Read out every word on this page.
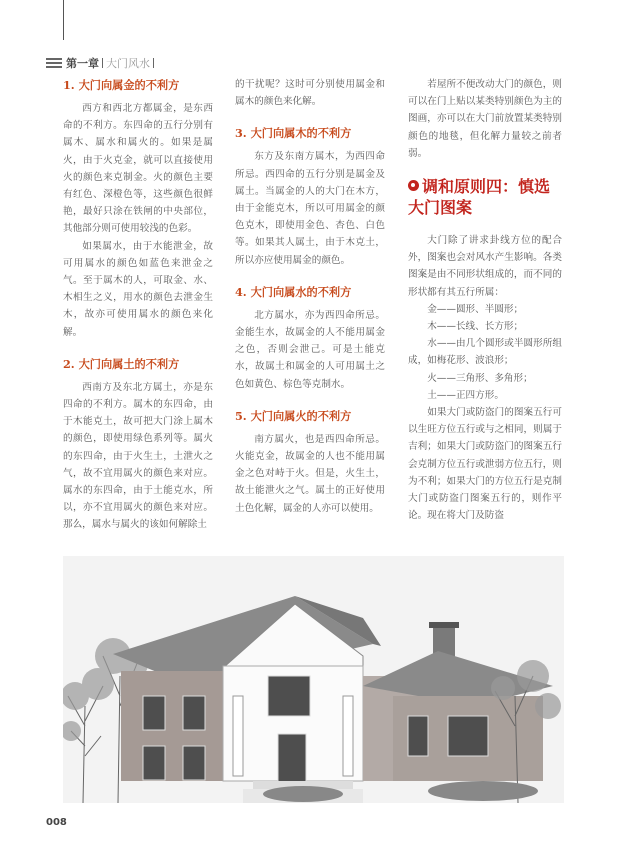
第一章 大门风水
1. 大门向属金的不利方

西方和西北方都属金，是东西命的不利方。东四命的五行分别有属木、属水和属火的。如果是属火，由于火克金，就可以直接使用火的颜色来克制金。火的颜色主要有红色、深橙色等，这些颜色很鲜艳，最好只涂在铁闸的中央部位，其他部分则可使用较浅的色彩。

如果属水，由于水能泄金，故可用属水的颜色如蓝色来泄金之气。至于属木的人，可取金、水、木相生之义，用水的颜色去泄金生木，故亦可使用属水的颜色来化解。

2. 大门向属土的不利方

西南方及东北方属土，亦是东四命的不利方。属木的东四命，由于木能克土，故可把大门涂上属木的颜色，即使用绿色系列等。属火的东四命，由于火生土，土泄火之气，故不宜用属火的颜色来对应。属水的东四命，由于土能克水，所以，亦不宜用属火的颜色来对应。那么，属水与属火的该如何解除土

的干扰呢？这时可分别使用属金和属木的颜色来化解。

3. 大门向属木的不利方

东方及东南方属木，为西四命所忌。西四命的五行分别是属金及属土。当属金的人的大门在木方，由于金能克木，所以可用属金的颜色克木，即使用金色、杏色、白色等。如果其人属土，由于木克土，所以亦应使用属金的颜色。

4. 大门向属水的不利方

北方属水，亦为西四命所忌。金能生水，故属金的人不能用属金之色，否则会泄己。可是土能克水，故属土和属金的人可用属土之色如黄色、棕色等克制水。

5. 大门向属火的不利方

南方属火，也是西四命所忌。火能克金，故属金的人也不能用属金之色对峙于火。但是，火生土，故土能泄火之气。属土的正好使用土色化解，属金的人亦可以使用。

若屋所不便改动大门的颜色，则可以在门上贴以某类特别颜色为主的图画，亦可以在大门前放置某类特别颜色的地毯，但化解力量较之前者弱。

调和原则四：慎选
大门图案

大门除了讲求卦线方位的配合外，图案也会对风水产生影响。各类图案是由不同形状组成的，而不同的形状都有其五行所属：

金——圆形、半圆形；

木——长线、长方形；

水——由几个圆形或半圆形所组成，如梅花形、波浪形；

火——三角形、多角形；

土——正四方形。

如果大门或防盗门的图案五行可以生旺方位五行或与之相同，则属于吉利；如果大门或防盗门的图案五行会克制方位五行或泄弱方位五行，则为不利；如果大门的方位五行是克制大门或防盗门图案五行的，则作平论。现在将大门及防盗

008
